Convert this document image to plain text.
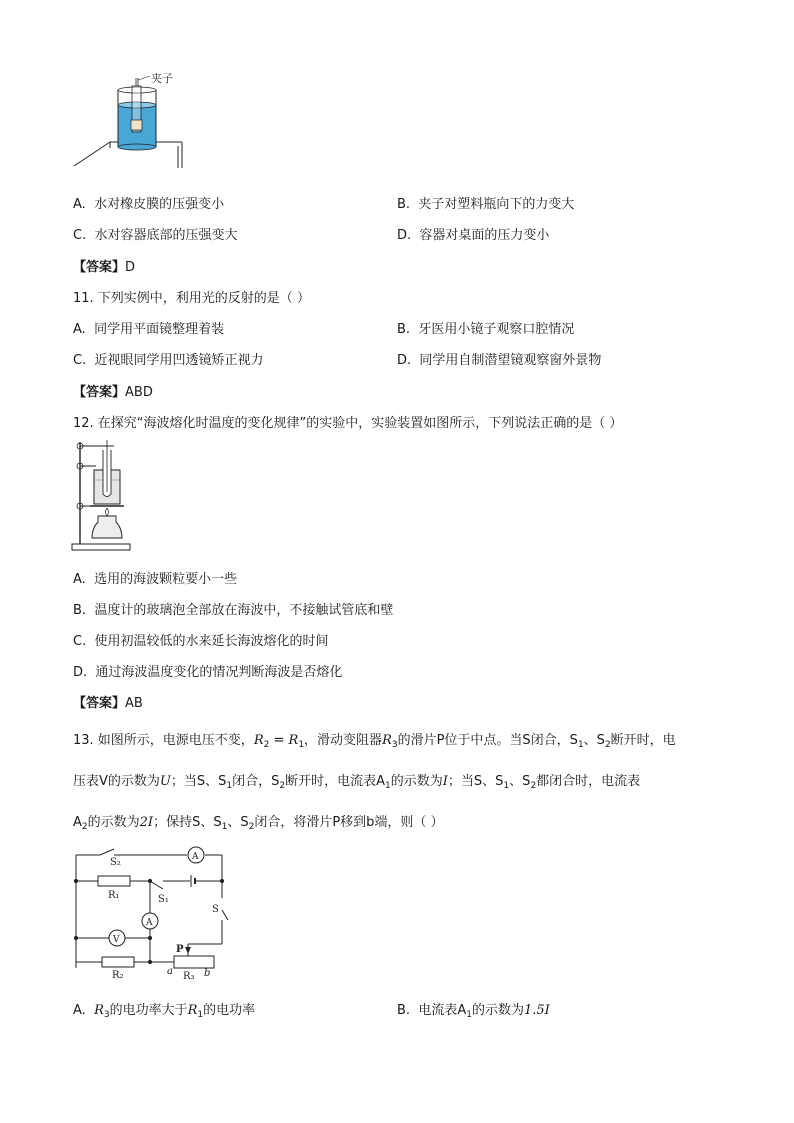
夹子
A. 水对橡皮膜的压强变小	B. 夹子对塑料瓶向下的力变大
C. 水对容器底部的压强变大	D. 容器对桌面的压力变小
【答案】D
11. 下列实例中，利用光的反射的是（ ）
A. 同学用平面镜整理着装	B. 牙医用小镜子观察口腔情况
C. 近视眼同学用凹透镜矫正视力	D. 同学用自制潜望镜观察窗外景物
【答案】ABD
12. 在探究“海波熔化时温度的变化规律”的实验中，实验装置如图所示，下列说法正确的是（ ）
A. 选用的海波颗粒要小一些
B. 温度计的玻璃泡全部放在海波中，不接触试管底和壁
C. 使用初温较低的水来延长海波熔化的时间
D. 通过海波温度变化的情况判断海波是否熔化
【答案】AB
13. 如图所示，电源电压不变，$R_2 = R_1$，滑动变阻器$R_3$的滑片P位于中点。当S闭合，$S_1$、$S_2$断开时，电
压表V的示数为U；当S、$S_1$闭合，$S_2$断开时，电流表$A_1$的示数为I；当S、$S_1$、$S_2$都闭合时，电流表
$A_2$的示数为2I；保持S、$S_1$、$S_2$闭合，将滑片P移到b端，则（ ）
S₂	A
R₁	S₁
S
A
V
P
R₂	a R₃ b
A. $R_3$的电功率大于$R_1$的电功率	B. 电流表$A_1$的示数为1.5I
